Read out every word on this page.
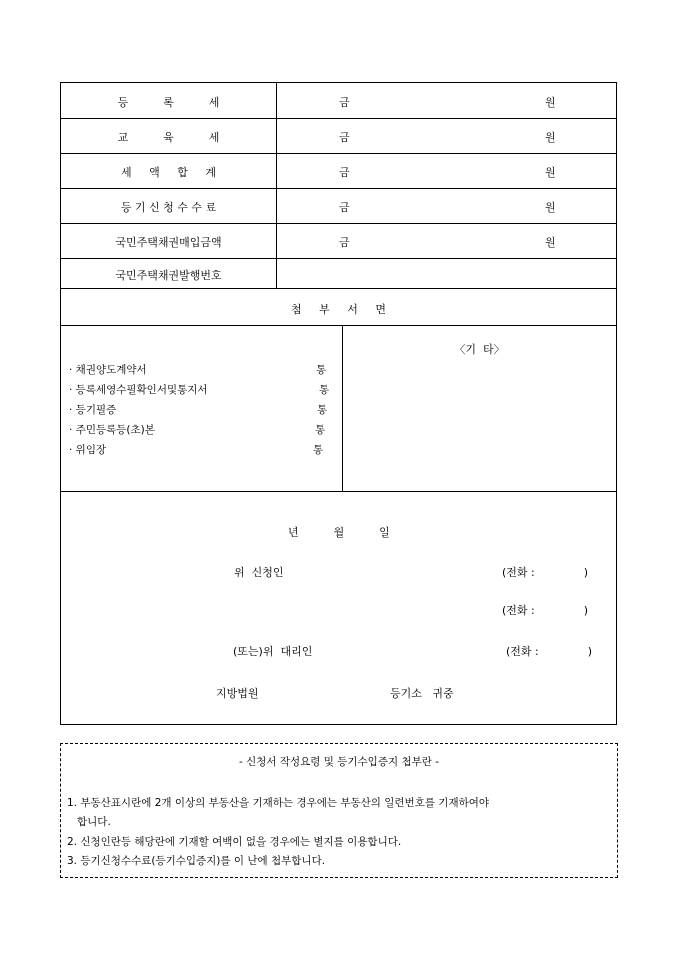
등          록          세	금	원
교          육          세	금	원
세     액     합     계	금	원
등 기 신 청 수 수 료	금	원
국민주택채권매입금액	금	원
국민주택채권발행번호
첨     부     서     면
· 채권양도계약서	통
· 등록세영수필확인서및통지서	통
· 등기필증	통
· 주민등록등(초)본	통
· 위임장	통
〈기  타〉
년          월          일
위  신청인	(전화 :              )
(전화 :              )
(또는)위  대리인	(전화 :              )
지방법원	등기소   귀중
- 신청서 작성요령 및 등기수입증지 첩부란 -
1. 부동산표시란에 2개 이상의 부동산을 기재하는 경우에는 부동산의 일련번호를 기재하여야
합니다.
2. 신청인란등 해당란에 기재할 여백이 없을 경우에는 별지를 이용합니다.
3. 등기신청수수료(등기수입증지)를 이 난에 첩부합니다.
